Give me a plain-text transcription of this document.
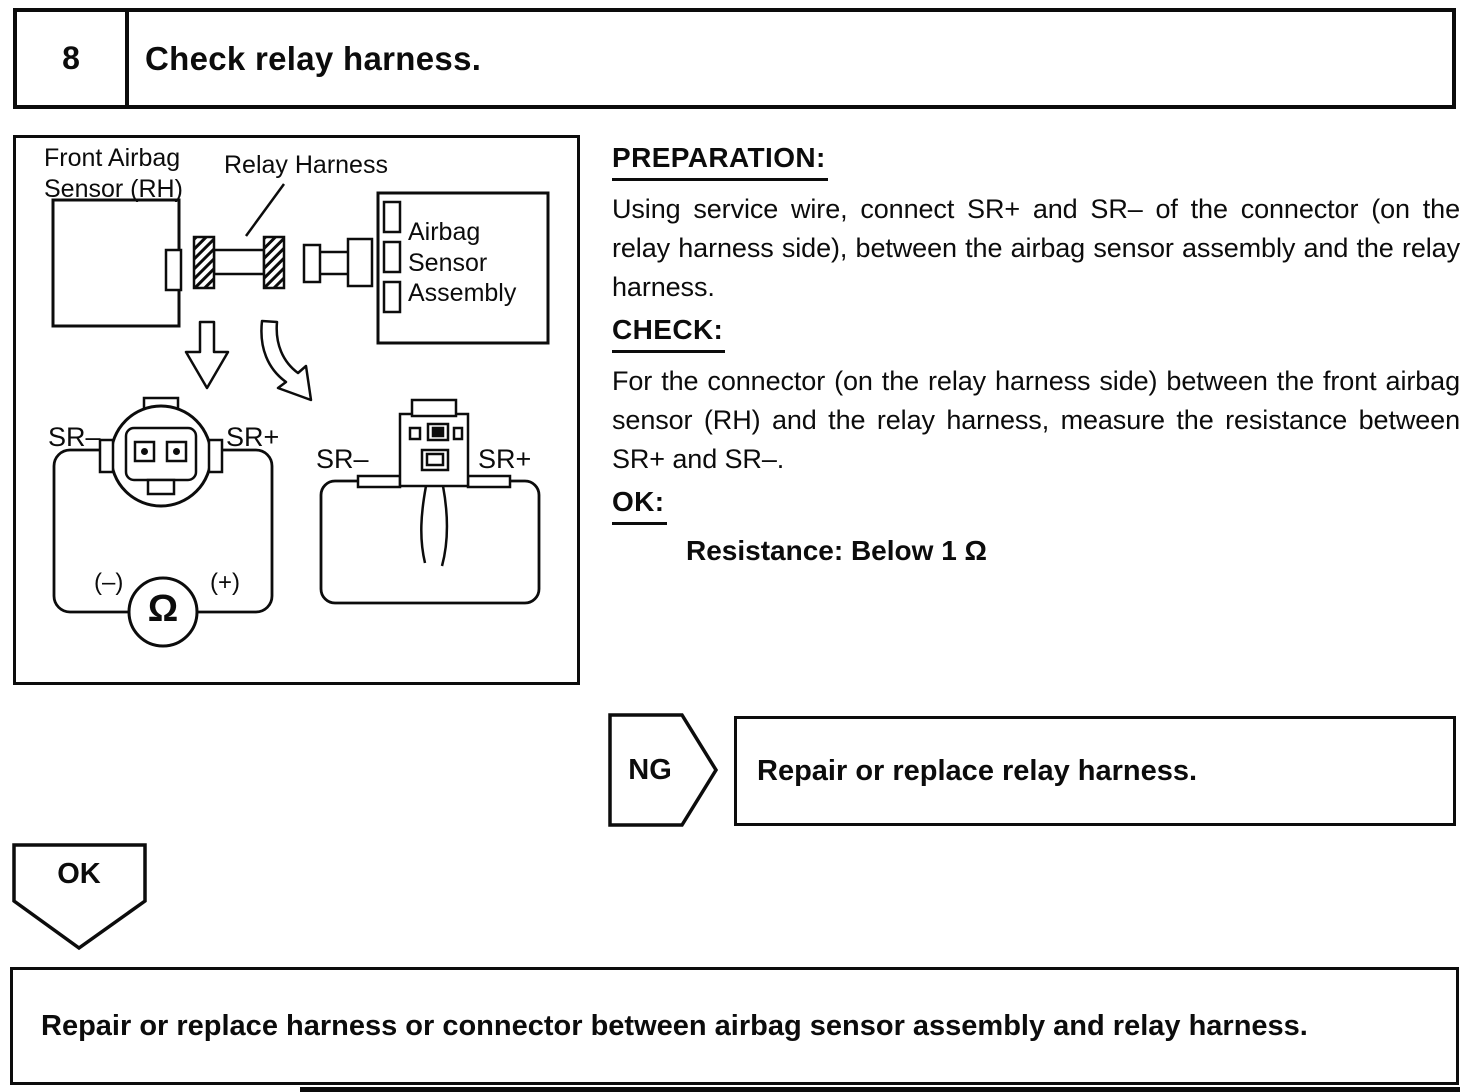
8	Check relay harness.
Front Airbag Sensor (RH)
Relay Harness
Airbag Sensor Assembly
SR–	SR+
SR–	SR+
(–)	(+)
Ω
PREPARATION:

Using service wire, connect SR+ and SR– of the connector (on the relay harness side), between the airbag sensor assembly and the relay harness.

CHECK:

For the connector (on the relay harness side) between the front airbag sensor (RH) and the relay harness, measure the resistance between SR+ and SR–.

OK:

Resistance: Below 1 Ω

NG	Repair or replace relay harness.
OK
Repair or replace harness or connector between airbag sensor assembly and relay harness.
